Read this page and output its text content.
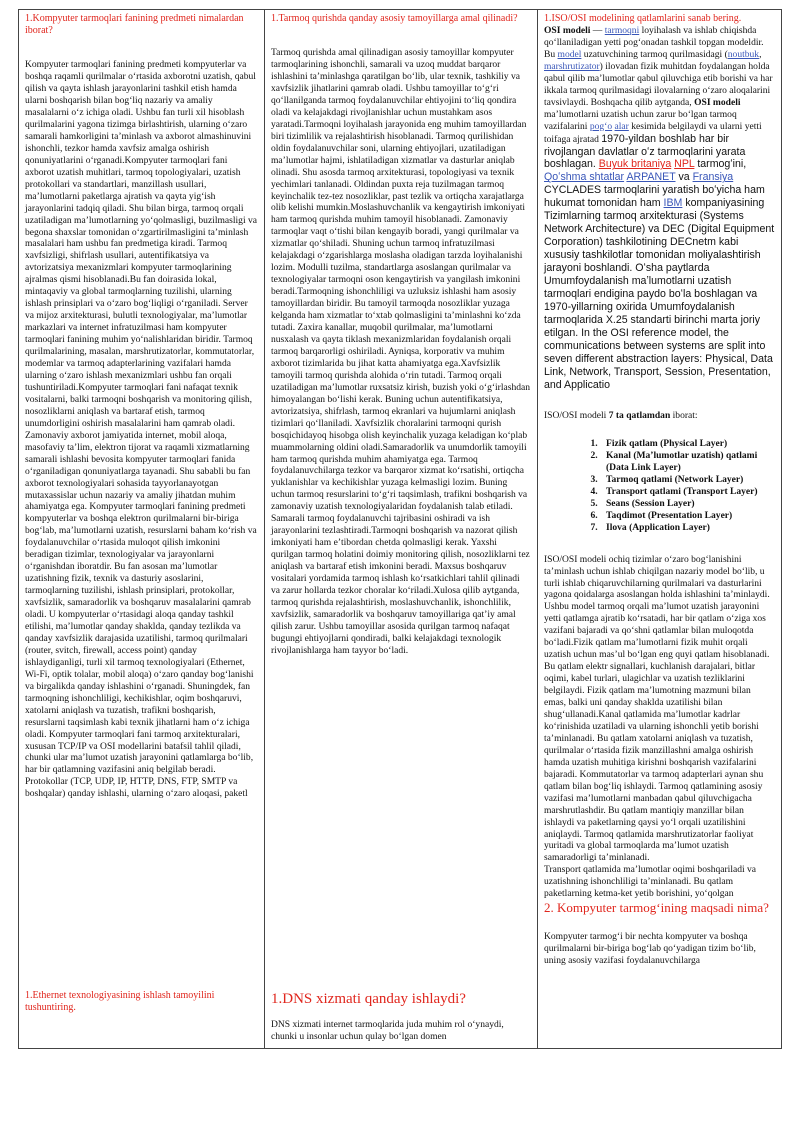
1.Kompyuter tarmoqlari fanining predmeti nimalardan iborat?

Kompyuter tarmoqlari fanining predmeti kompyuterlar va boshqa raqamli qurilmalar oʻrtasida axborotni uzatish, qabul qilish va qayta ishlash jarayonlarini tashkil etish hamda ularni boshqarish bilan bogʻliq nazariy va amaliy masalalarni oʻz ichiga oladi. Ushbu fan turli xil hisoblash qurilmalarini yagona tizimga birlashtirish, ularning oʻzaro samarali hamkorligini taʼminlash va axborot almashinuvini ishonchli, tezkor hamda xavfsiz amalga oshirish qonuniyatlarini oʻrganadi.Kompyuter tarmoqlari fani axborot uzatish muhitlari, tarmoq topologiyalari, uzatish protokollari va standartlari, manzillash usullari, maʼlumotlarni paketlarga ajratish va qayta yigʻish jarayonlarini tadqiq qiladi. Shu bilan birga, tarmoq orqali uzatiladigan maʼlumotlarning yoʻqolmasligi, buzilmasligi va begona shaxslar tomonidan oʻzgartirilmasligini taʼminlash masalalari ham ushbu fan predmetiga kiradi. Tarmoq xavfsizligi, shifrlash usullari, autentifikatsiya va avtorizatsiya mexanizmlari kompyuter tarmoqlarining ajralmas qismi hisoblanadi.Bu fan doirasida lokal, mintaqaviy va global tarmoqlarning tuzilishi, ularning ishlash prinsiplari va oʻzaro bogʻliqligi oʻrganiladi. Server va mijoz arxitekturasi, bulutli texnologiyalar, maʼlumotlar markazlari va internet infratuzilmasi ham kompyuter tarmoqlari fanining muhim yoʻnalishlaridan biridir. Tarmoq qurilmalarining, masalan, marshrutizatorlar, kommutatorlar, modemlar va tarmoq adapterlarining vazifalari hamda ularning oʻzaro ishlash mexanizmlari ushbu fan orqali tushuntiriladi.Kompyuter tarmoqlari fani nafaqat texnik vositalarni, balki tarmoqni boshqarish va monitoring qilish, nosozliklarni aniqlash va bartaraf etish, tarmoq unumdorligini oshirish masalalarini ham qamrab oladi. Zamonaviy axborot jamiyatida internet, mobil aloqa, masofaviy taʼlim, elektron tijorat va raqamli xizmatlarning samarali ishlashi bevosita kompyuter tarmoqlari fanida oʻrganiladigan qonuniyatlarga tayanadi. Shu sababli bu fan axborot texnologiyalari sohasida tayyorlanayotgan mutaxassislar uchun nazariy va amaliy jihatdan muhim ahamiyatga ega. Kompyuter tarmoqlari fanining predmeti kompyuterlar va boshqa elektron qurilmalarni bir-biriga bogʻlab, maʼlumotlarni uzatish, resurslarni baham koʻrish va foydalanuvchilar oʻrtasida muloqot qilish imkonini beradigan tizimlar, texnologiyalar va jarayonlarni oʻrganishdan iboratdir. Bu fan asosan maʼlumotlar uzatishning fizik, texnik va dasturiy asoslarini, tarmoqlarning tuzilishi, ishlash prinsiplari, protokollar, xavfsizlik, samaradorlik va boshqaruv masalalarini qamrab oladi. U kompyuterlar oʻrtasidagi aloqa qanday tashkil etilishi, maʼlumotlar qanday shaklda, qanday tezlikda va qanday xavfsizlik darajasida uzatilishi, tarmoq qurilmalari (router, svitch, firewall, access point) qanday ishlaydiganligi, turli xil tarmoq texnologiyalari (Ethernet, Wi-Fi, optik tolalar, mobil aloqa) oʻzaro qanday bogʻlanishi va birgalikda qanday ishlashini oʻrganadi. Shuningdek, fan tarmoqning ishonchliligi, kechikishlar, oqim boshqaruvi, xatolarni aniqlash va tuzatish, trafikni boshqarish, resurslarni taqsimlash kabi texnik jihatlarni ham oʻz ichiga oladi. Kompyuter tarmoqlari fani tarmoq arxitekturalari, xususan TCP/IP va OSI modellarini batafsil tahlil qiladi, chunki ular maʼlumot uzatish jarayonini qatlamlarga boʻlib, har bir qatlamning vazifasini aniq belgilab beradi. Protokollar (TCP, UDP, IP, HTTP, DNS, FTP, SMTP va boshqalar) qanday ishlashi, ularning oʻzaro aloqasi, paketl

1.Ethernet texnologiyasining ishlash tamoyilini tushuntiring.

1.Tarmoq qurishda qanday asosiy tamoyillarga amal qilinadi?

Tarmoq qurishda amal qilinadigan asosiy tamoyillar kompyuter tarmoqlarining ishonchli, samarali va uzoq muddat barqaror ishlashini taʼminlashga qaratilgan boʻlib, ular texnik, tashkiliy va xavfsizlik jihatlarini qamrab oladi. Ushbu tamoyillar toʻgʻri qoʻllanilganda tarmoq foydalanuvchilar ehtiyojini toʻliq qondira oladi va kelajakdagi rivojlanishlar uchun mustahkam asos yaratadi.Tarmoqni loyihalash jarayonida eng muhim tamoyillardan biri tizimlilik va rejalashtirish hisoblanadi. Tarmoq qurilishidan oldin foydalanuvchilar soni, ularning ehtiyojlari, uzatiladigan maʼlumotlar hajmi, ishlatiladigan xizmatlar va dasturlar aniqlab olinadi. Shu asosda tarmoq arxitekturasi, topologiyasi va texnik yechimlari tanlanadi. Oldindan puxta reja tuzilmagan tarmoq keyinchalik tez-tez nosozliklar, past tezlik va ortiqcha xarajatlarga olib kelishi mumkin.Moslashuvchanlik va kengaytirish imkoniyati ham tarmoq qurishda muhim tamoyil hisoblanadi. Zamonaviy tarmoqlar vaqt oʻtishi bilan kengayib boradi, yangi qurilmalar va xizmatlar qoʻshiladi. Shuning uchun tarmoq infratuzilmasi kelajakdagi oʻzgarishlarga moslasha oladigan tarzda loyihalanishi lozim. Modulli tuzilma, standartlarga asoslangan qurilmalar va texnologiyalar tarmoqni oson kengaytirish va yangilash imkonini beradi.Tarmoqning ishonchliligi va uzluksiz ishlashi ham asosiy tamoyillardan biridir. Bu tamoyil tarmoqda nosozliklar yuzaga kelganda ham xizmatlar toʻxtab qolmasligini taʼminlashni koʻzda tutadi. Zaxira kanallar, muqobil qurilmalar, maʼlumotlarni nusxalash va qayta tiklash mexanizmlaridan foydalanish orqali tarmoq barqarorligi oshiriladi. Ayniqsa, korporativ va muhim axborot tizimlarida bu jihat katta ahamiyatga ega.Xavfsizlik tamoyili tarmoq qurishda alohida oʻrin tutadi. Tarmoq orqali uzatiladigan maʼlumotlar ruxsatsiz kirish, buzish yoki oʻgʻirlashdan himoyalangan boʻlishi kerak. Buning uchun autentifikatsiya, avtorizatsiya, shifrlash, tarmoq ekranlari va hujumlarni aniqlash tizimlari qoʻllaniladi. Xavfsizlik choralarini tarmoqni qurish bosqichidayoq hisobga olish keyinchalik yuzaga keladigan koʻplab muammolarning oldini oladi.Samaradorlik va unumdorlik tamoyili ham tarmoq qurishda muhim ahamiyatga ega. Tarmoq foydalanuvchilarga tezkor va barqaror xizmat koʻrsatishi, ortiqcha yuklanishlar va kechikishlar yuzaga kelmasligi lozim. Buning uchun tarmoq resurslarini toʻgʻri taqsimlash, trafikni boshqarish va zamonaviy uzatish texnologiyalaridan foydalanish talab etiladi. Samarali tarmoq foydalanuvchi tajribasini oshiradi va ish jarayonlarini tezlashtiradi.Tarmoqni boshqarish va nazorat qilish imkoniyati ham eʼtibordan chetda qolmasligi kerak. Yaxshi qurilgan tarmoq holatini doimiy monitoring qilish, nosozliklarni tez aniqlash va bartaraf etish imkonini beradi. Maxsus boshqaruv vositalari yordamida tarmoq ishlash koʻrsatkichlari tahlil qilinadi va zarur hollarda tezkor choralar koʻriladi.Xulosa qilib aytganda, tarmoq qurishda rejalashtirish, moslashuvchanlik, ishonchlilik, xavfsizlik, samaradorlik va boshqaruv tamoyillariga qatʼiy amal qilish zarur. Ushbu tamoyillar asosida qurilgan tarmoq nafaqat bugungi ehtiyojlarni qondiradi, balki kelajakdagi texnologik rivojlanishlarga ham tayyor boʻladi.

1.DNS xizmati qanday ishlaydi?

DNS xizmati internet tarmoqlarida juda muhim rol oʻynaydi, chunki u insonlar uchun qulay boʻlgan domen

1.ISO/OSI modelining qatlamlarini sanab bering.

OSI modeli — tarmoqni loyihalash va ishlab chiqishda qoʻllaniladigan yetti pogʻonadan tashkil topgan modeldir. Bu model uzatuvchining tarmoq qurilmasidagi (noutbuk, marshrutizator) ilovadan fizik muhitdan foydalangan holda qabul qilib maʼlumotlar qabul qiluvchiga etib borishi va har ikkala tarmoq qurilmasidagi ilovalarning oʻzaro aloqalarini tavsivlaydi. Boshqacha qilib aytganda, OSI modeli maʼlumotlarni uzatish uchun zarur boʻlgan tarmoq vazifalarini pogʻo alar kesimida belgilaydi va ularni yetti toifaga ajratad 1970-yildan boshlab har bir rivojlangan davlatlar oʻz tarmoqlarini yarata boshlagan. Buyuk britaniya NPL tarmogʻini, Qoʻshma shtatlar ARPANET va Fransiya CYCLADES tarmoqlarini yaratish boʻyicha ham hukumat tomonidan ham IBM kompaniyasining Tizimlarning tarmoq arxitekturasi (Systems Network Architecture) va DEC (Digital Equipment Corporation) tashkilotining DECnetm kabi xususiy tashkilotlar tomonidan moliyalashtirish jarayoni boshlandi. Oʻsha paytlarda Umumfoydalanish maʼlumotlarni uzatish tarmoqlari endigina paydo boʻla boshlagan va 1970-yillarning oxirida Umumfoydalanish tarmoqlarida X.25 standarti birinchi marta joriy etilgan. In the OSI reference model, the communications between systems are split into seven different abstraction layers: Physical, Data Link, Network, Transport, Session, Presentation, and Applicatio

ISO/OSI modeli 7 ta qatlamdan iborat:

1. Fizik qatlam (Physical Layer)
2. Kanal (Maʼlumotlar uzatish) qatlami (Data Link Layer)
3. Tarmoq qatlami (Network Layer)
4. Transport qatlami (Transport Layer)
5. Seans (Session Layer)
6. Taqdimot (Presentation Layer)
7. Ilova (Application Layer)

ISO/OSI modeli ochiq tizimlar oʻzaro bogʻlanishini taʼminlash uchun ishlab chiqilgan nazariy model boʻlib, u turli ishlab chiqaruvchilarning qurilmalari va dasturlarini yagona qoidalarga asoslangan holda ishlashini taʼminlaydi. Ushbu model tarmoq orqali maʼlumot uzatish jarayonini yetti qatlamga ajratib koʻrsatadi, har bir qatlam oʻziga xos vazifani bajaradi va qoʻshni qatlamlar bilan muloqotda boʻladi.Fizik qatlam maʼlumotlarni fizik muhit orqali uzatish uchun masʼul boʻlgan eng quyi qatlam hisoblanadi. Bu qatlam elektr signallari, kuchlanish darajalari, bitlar oqimi, kabel turlari, ulagichlar va uzatish tezliklarini belgilaydi. Fizik qatlam maʼlumotning mazmuni bilan emas, balki uni qanday shaklda uzatilishi bilan shugʻullanadi.Kanal qatlamida maʼlumotlar kadrlar koʻrinishida uzatiladi va ularning ishonchli yetib borishi taʼminlanadi. Bu qatlam xatolarni aniqlash va tuzatish, qurilmalar oʻrtasida fizik manzillashni amalga oshirish hamda uzatish muhitiga kirishni boshqarish vazifalarini bajaradi. Kommutatorlar va tarmoq adapterlari aynan shu qatlam bilan bogʻliq ishlaydi. Tarmoq qatlamining asosiy vazifasi maʼlumotlarni manbadan qabul qiluvchigacha marshrutlashdir. Bu qatlam mantiqiy manzillar bilan ishlaydi va paketlarning qaysi yoʻl orqali uzatilishini aniqlaydi. Tarmoq qatlamida marshrutizatorlar faoliyat yuritadi va global tarmoqlarda maʼlumot uzatish samaradorligi taʼminlanadi.

Transport qatlamida maʼlumotlar oqimi boshqariladi va uzatishning ishonchliligi taʼminlanadi. Bu qatlam paketlarning ketma-ket yetib borishini, yoʻqolgan

2. Kompyuter tarmogʻining maqsadi nima?

Kompyuter tarmogʻi bir nechta kompyuter va boshqa qurilmalarni bir-biriga bogʻlab qoʻyadigan tizim boʻlib, uning asosiy vazifasi foydalanuvchilarga
